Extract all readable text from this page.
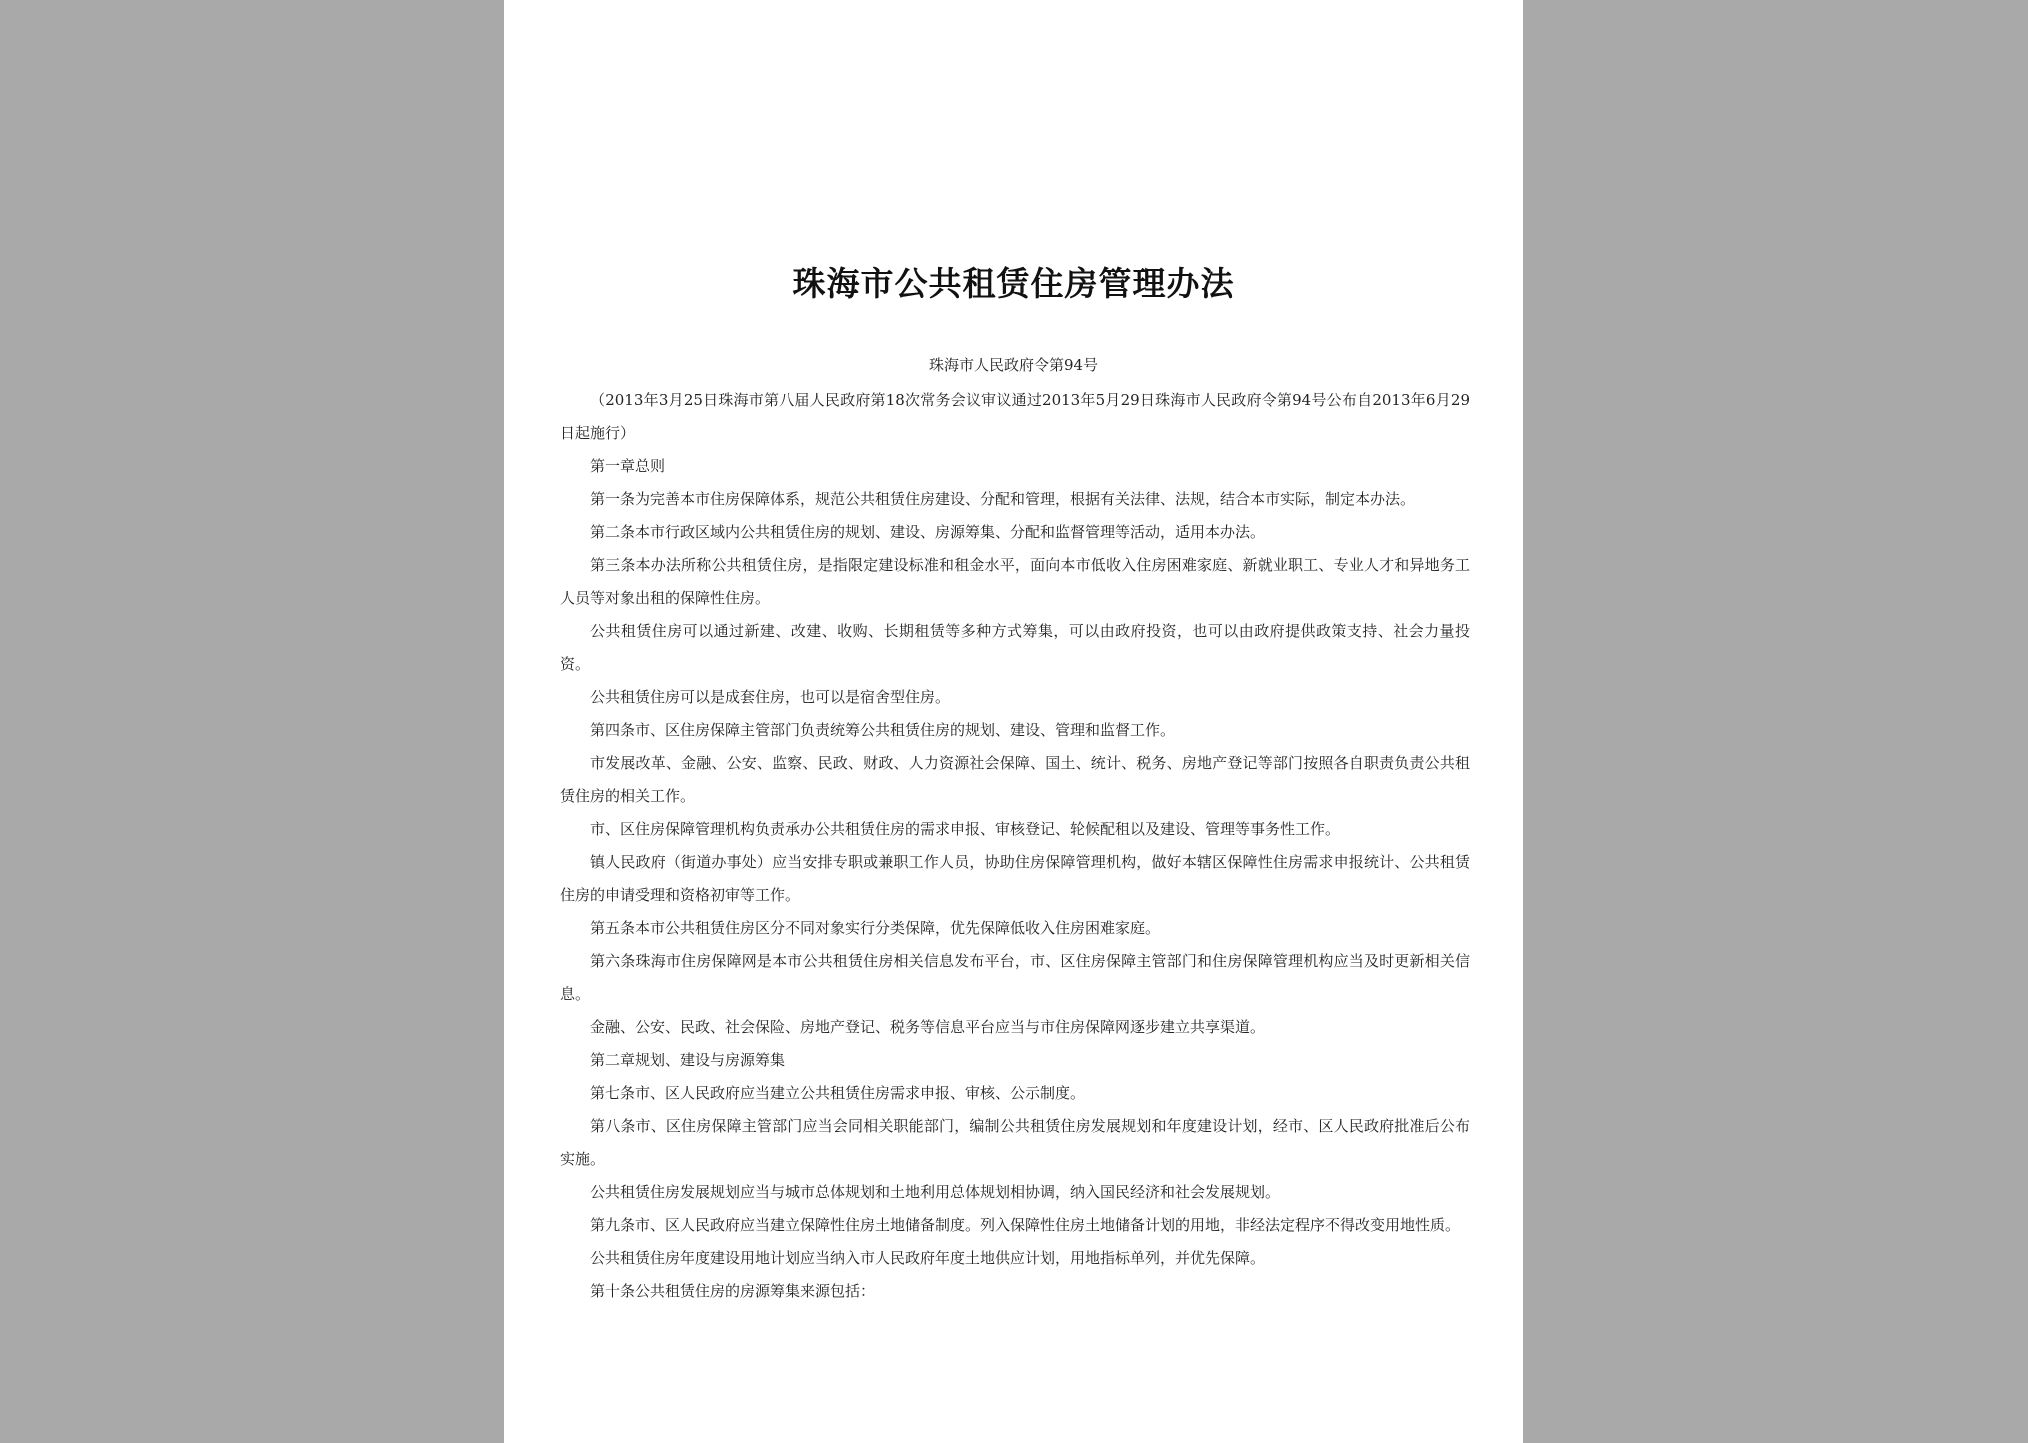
珠海市公共租赁住房管理办法

珠海市人民政府令第94号

（2013年3月25日珠海市第八届人民政府第18次常务会议审议通过2013年5月29日珠海市人民政府令第94号公布自2013年6月29日起施行）

第一章总则

第一条为完善本市住房保障体系，规范公共租赁住房建设、分配和管理，根据有关法律、法规，结合本市实际，制定本办法。

第二条本市行政区域内公共租赁住房的规划、建设、房源筹集、分配和监督管理等活动，适用本办法。

第三条本办法所称公共租赁住房，是指限定建设标准和租金水平，面向本市低收入住房困难家庭、新就业职工、专业人才和异地务工人员等对象出租的保障性住房。

公共租赁住房可以通过新建、改建、收购、长期租赁等多种方式筹集，可以由政府投资，也可以由政府提供政策支持、社会力量投资。

公共租赁住房可以是成套住房，也可以是宿舍型住房。

第四条市、区住房保障主管部门负责统筹公共租赁住房的规划、建设、管理和监督工作。

市发展改革、金融、公安、监察、民政、财政、人力资源社会保障、国土、统计、税务、房地产登记等部门按照各自职责负责公共租赁住房的相关工作。

市、区住房保障管理机构负责承办公共租赁住房的需求申报、审核登记、轮候配租以及建设、管理等事务性工作。

镇人民政府（街道办事处）应当安排专职或兼职工作人员，协助住房保障管理机构，做好本辖区保障性住房需求申报统计、公共租赁住房的申请受理和资格初审等工作。

第五条本市公共租赁住房区分不同对象实行分类保障，优先保障低收入住房困难家庭。

第六条珠海市住房保障网是本市公共租赁住房相关信息发布平台，市、区住房保障主管部门和住房保障管理机构应当及时更新相关信息。

金融、公安、民政、社会保险、房地产登记、税务等信息平台应当与市住房保障网逐步建立共享渠道。

第二章规划、建设与房源筹集

第七条市、区人民政府应当建立公共租赁住房需求申报、审核、公示制度。

第八条市、区住房保障主管部门应当会同相关职能部门，编制公共租赁住房发展规划和年度建设计划，经市、区人民政府批准后公布实施。

公共租赁住房发展规划应当与城市总体规划和土地利用总体规划相协调，纳入国民经济和社会发展规划。

第九条市、区人民政府应当建立保障性住房土地储备制度。列入保障性住房土地储备计划的用地，非经法定程序不得改变用地性质。

公共租赁住房年度建设用地计划应当纳入市人民政府年度土地供应计划，用地指标单列，并优先保障。

第十条公共租赁住房的房源筹集来源包括：
